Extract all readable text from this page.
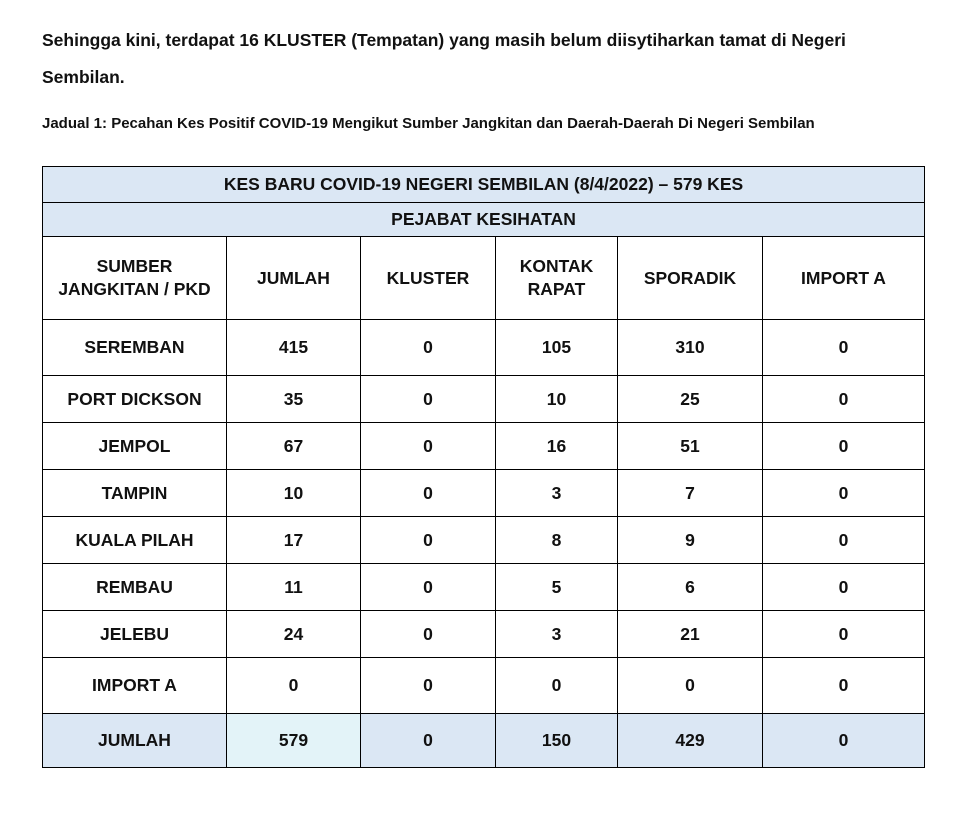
Sehingga kini, terdapat 16 KLUSTER (Tempatan) yang masih belum diisytiharkan tamat di Negeri Sembilan.

Jadual 1: Pecahan Kes Positif COVID-19 Mengikut Sumber Jangkitan dan Daerah-Daerah Di Negeri Sembilan

KES BARU COVID-19 NEGERI SEMBILAN (8/4/2022) – 579 KES					
PEJABAT KESIHATAN					
SUMBER JANGKITAN / PKD	JUMLAH	KLUSTER	KONTAK RAPAT	SPORADIK	IMPORT A
SEREMBAN	415	0	105	310	0
PORT DICKSON	35	0	10	25	0
JEMPOL	67	0	16	51	0
TAMPIN	10	0	3	7	0
KUALA PILAH	17	0	8	9	0
REMBAU	11	0	5	6	0
JELEBU	24	0	3	21	0
IMPORT A	0	0	0	0	0
JUMLAH	579	0	150	429	0
